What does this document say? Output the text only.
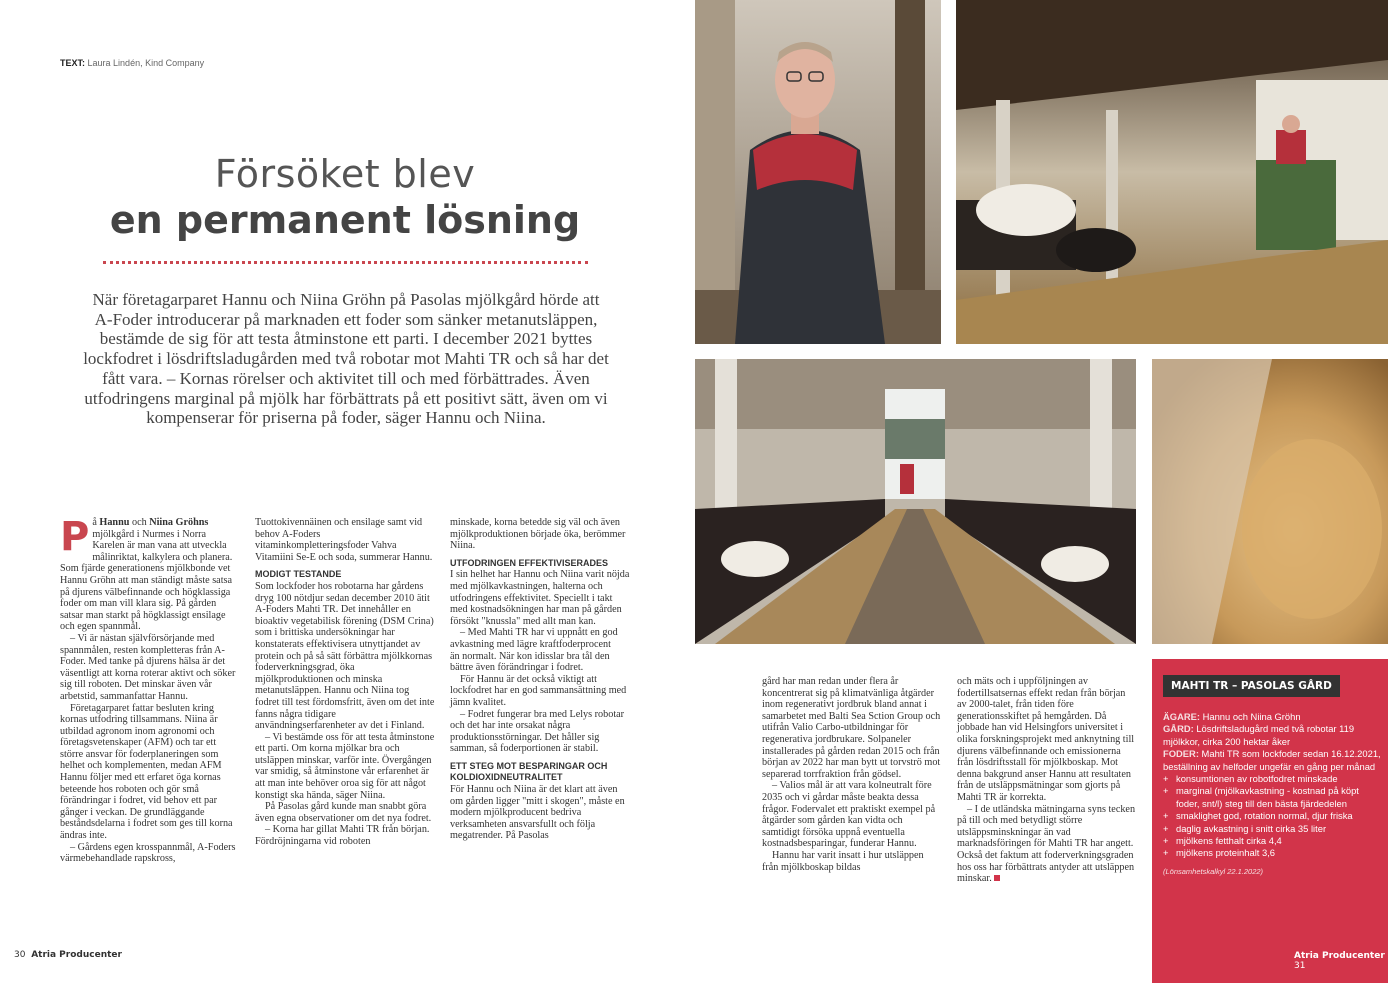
TEXT: Laura Lindén, Kind Company
Försöket blev
en permanent lösning
När företagarparet Hannu och Niina Gröhn på Pasolas mjölkgård hörde att A-Foder introducerar på marknaden ett foder som sänker metanutsläppen, bestämde de sig för att testa åtminstone ett parti. I december 2021 byttes lockfodret i lösdriftsladugården med två robotar mot Mahti TR och så har det fått vara. – Kornas rörelser och aktivitet till och med förbättrades. Även utfodringens marginal på mjölk har förbättrats på ett positivt sätt, även om vi kompenserar för priserna på foder, säger Hannu och Niina.

På Hannu och Niina Gröhns mjölkgård i Nurmes i Norra Karelen är man vana att utveckla målinriktat, kalkylera och planera. Som fjärde generationens mjölkbonde vet Hannu Gröhn att man ständigt måste satsa på djurens välbefinnande och högklassiga foder om man vill klara sig. På gården satsar man starkt på högklassigt ensilage och egen spannmål.

– Vi är nästan självförsörjande med spannmålen, resten kompletteras från A-Foder. Med tanke på djurens hälsa är det väsentligt att korna roterar aktivt och söker sig till roboten. Det minskar även vår arbetstid, sammanfattar Hannu.

Företagarparet fattar besluten kring kornas utfodring tillsammans. Niina är utbildad agronom inom agronomi och företagsvetenskaper (AFM) och tar ett större ansvar för foderplaneringen som helhet och komplementen, medan AFM Hannu följer med ett erfaret öga kornas beteende hos roboten och gör små förändringar i fodret, vid behov ett par gånger i veckan. De grundläggande beståndsdelarna i fodret som ges till korna ändras inte.

– Gårdens egen krosspannmål, A-Foders värmebehandlade rapskross,

Tuottokivennäinen och ensilage samt vid behov A-Foders vitaminkompletteringsfoder Vahva Vitamiini Se-E och soda, summerar Hannu.

MODIGT TESTANDE

Som lockfoder hos robotarna har gårdens dryg 100 nötdjur sedan december 2010 ätit A-Foders Mahti TR. Det innehåller en bioaktiv vegetabilisk förening (DSM Crina) som i brittiska undersökningar har konstaterats effektivisera utnyttjandet av protein och på så sätt förbättra mjölkkornas foderverkningsgrad, öka mjölkproduktionen och minska metanutsläppen. Hannu och Niina tog fodret till test fördomsfritt, även om det inte fanns några tidigare användningserfarenheter av det i Finland.

– Vi bestämde oss för att testa åtminstone ett parti. Om korna mjölkar bra och utsläppen minskar, varför inte. Övergången var smidig, så åtminstone vår erfarenhet är att man inte behöver oroa sig för att något konstigt ska hända, säger Niina.

På Pasolas gård kunde man snabbt göra även egna observationer om det nya fodret.

– Korna har gillat Mahti TR från början. Fördröjningarna vid roboten

minskade, korna betedde sig väl och även mjölkproduktionen började öka, berömmer Niina.

UTFODRINGEN EFFEKTIVISERADES

I sin helhet har Hannu och Niina varit nöjda med mjölkavkastningen, halterna och utfodringens effektivitet. Speciellt i takt med kostnadsökningen har man på gården försökt "knussla" med allt man kan.

– Med Mahti TR har vi uppnått en god avkastning med lägre kraftfoderprocent

än normalt. När kon idisslar bra tål den bättre även förändringar i fodret.

För Hannu är det också viktigt att lockfodret har en god sammansättning med jämn kvalitet.

– Fodret fungerar bra med Lelys robotar och det har inte orsakat några produktionsstörningar. Det håller sig samman, så foderportionen är stabil.

ETT STEG MOT BESPARINGAR OCH KOLDIOXIDNEUTRALITET

För Hannu och Niina är det klart att även om gården ligger "mitt i skogen", måste en modern mjölkproducent bedriva verksamheten ansvarsfullt och följa megatrender. På Pasolas

30 Atria Producenter

gård har man redan under flera år koncentrerat sig på klimatvänliga åtgärder inom regenerativt jordbruk bland annat i samarbetet med Balti Sea Sction Group och utifrån Valio Carbo-utbildningar för regenerativa jordbrukare. Solpaneler installerades på gården redan 2015 och från början av 2022 har man bytt ut torvströ mot separerad torrfraktion från gödsel.

– Valios mål är att vara kolneutralt före 2035 och vi gårdar måste beakta dessa frågor. Fodervalet ett praktiskt exempel på åtgärder som gården kan vidta och samtidigt försöka uppnå eventuella kostnadsbesparingar, funderar Hannu.

Hannu har varit insatt i hur utsläppen från mjölkboskap bildas

och mäts och i uppföljningen av fodertillsatsernas effekt redan från början av 2000-talet, från tiden före generationsskiftet på hemgården. Då jobbade han vid Helsingfors universitet i olika forskningsprojekt med anknytning till djurens välbefinnande och emissionerna från lösdriftsstall för mjölkboskap. Mot denna bakgrund anser Hannu att resultaten från de utsläppsmätningar som gjorts på Mahti TR är korrekta.

– I de utländska mätningarna syns tecken på till och med betydligt större utsläppsminskningar än vad marknadsföringen för Mahti TR har angett. Också det faktum att foderverkningsgraden hos oss har förbättrats antyder att utsläppen minskar.

MAHTI TR – PASOLAS GÅRD
ÄGARE: Hannu och Niina Gröhn
GÅRD: Lösdriftsladugård med två robotar 119 mjölkkor, cirka 200 hektar åker
FODER: Mahti TR som lockfoder sedan 16.12.2021, beställning av helfoder ungefär en gång per månad
+ konsumtionen av robotfodret minskade
+ marginal (mjölkavkastning - kostnad på köpt foder, snt/l) steg till den bästa fjärdedelen
+ smaklighet god, rotation normal, djur friska
+ daglig avkastning i snitt cirka 35 liter
+ mjölkens fetthalt cirka 4,4
+ mjölkens proteinhalt 3,6
(Lönsamhetskalkyl 22.1.2022)
Atria Producenter  31
